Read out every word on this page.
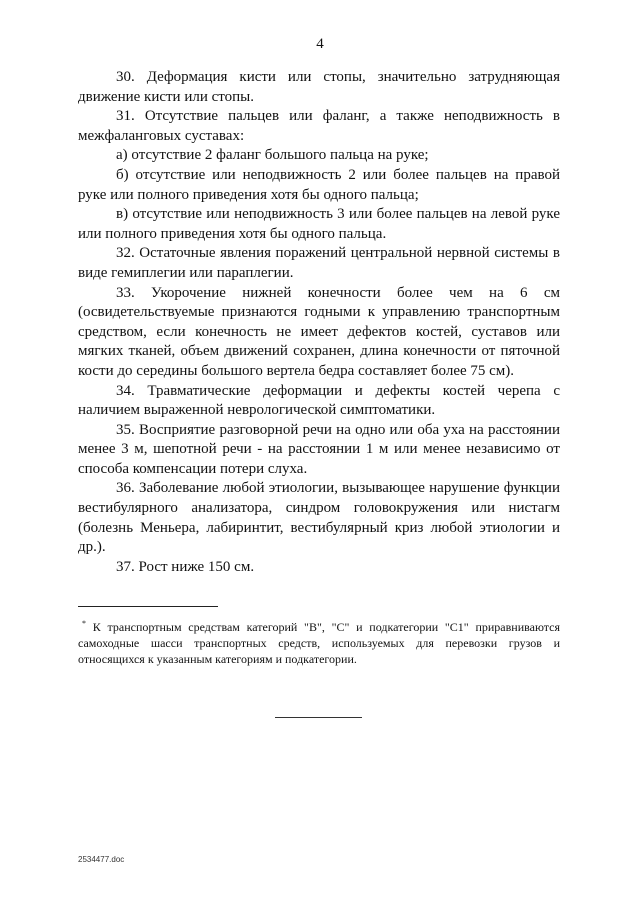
4

30. Деформация кисти или стопы, значительно затрудняющая движение кисти или стопы.

31. Отсутствие пальцев или фаланг, а также неподвижность в межфаланговых суставах:

а) отсутствие 2 фаланг большого пальца на руке;

б) отсутствие или неподвижность 2 или более пальцев на правой руке или полного приведения хотя бы одного пальца;

в) отсутствие или неподвижность 3 или более пальцев на левой руке или полного приведения хотя бы одного пальца.

32. Остаточные явления поражений центральной нервной системы в виде гемиплегии или параплегии.

33. Укорочение нижней конечности более чем на 6 см (освидетельствуемые признаются годными к управлению транспортным средством, если конечность не имеет дефектов костей, суставов или мягких тканей, объем движений сохранен, длина конечности от пяточной кости до середины большого вертела бедра составляет более 75 см).

34. Травматические деформации и дефекты костей черепа с наличием выраженной неврологической симптоматики.

35. Восприятие разговорной речи на одно или оба уха на расстоянии менее 3 м, шепотной речи - на расстоянии 1 м или менее независимо от способа компенсации потери слуха.

36. Заболевание любой этиологии, вызывающее нарушение функции вестибулярного анализатора, синдром головокружения или нистагм (болезнь Меньера, лабиринтит, вестибулярный криз любой этиологии и др.).

37. Рост ниже 150 см.

* К транспортным средствам категорий "B", "C" и подкатегории "C1" приравниваются самоходные шасси транспортных средств, используемых для перевозки грузов и относящихся к указанным категориям и подкатегории.
2534477.doc
